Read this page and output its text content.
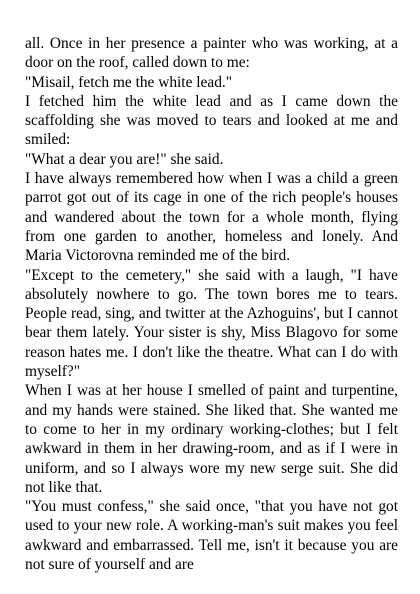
all. Once in her presence a painter who was working, at a door on the roof, called down to me:

"Misail, fetch me the white lead."

I fetched him the white lead and as I came down the scaffolding she was moved to tears and looked at me and smiled:

"What a dear you are!" she said.

I have always remembered how when I was a child a green parrot got out of its cage in one of the rich people's houses and wandered about the town for a whole month, flying from one garden to another, homeless and lonely. And Maria Victorovna reminded me of the bird.

"Except to the cemetery," she said with a laugh, "I have absolutely nowhere to go. The town bores me to tears. People read, sing, and twitter at the Azhoguins', but I cannot bear them lately. Your sister is shy, Miss Blagovo for some reason hates me. I don't like the theatre. What can I do with myself?"

When I was at her house I smelled of paint and turpentine, and my hands were stained. She liked that. She wanted me to come to her in my ordinary working-clothes; but I felt awkward in them in her drawing-room, and as if I were in uniform, and so I always wore my new serge suit. She did not like that.

"You must confess," she said once, "that you have not got used to your new role. A working-man's suit makes you feel awkward and embarrassed. Tell me, isn't it because you are not sure of yourself and are
